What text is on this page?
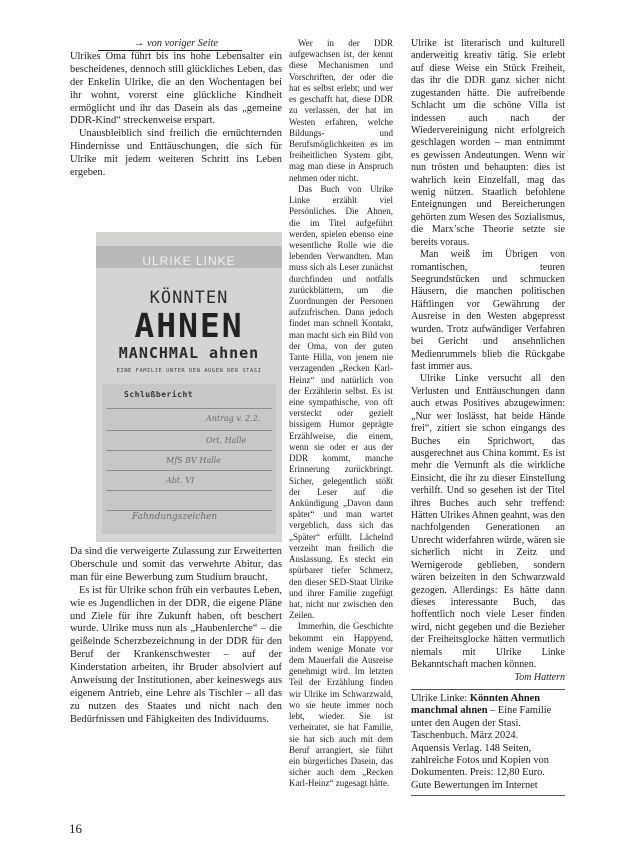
→ von voriger Seite

Ulrikes Oma führt bis ins hohe Lebensalter ein bescheidenes, dennoch still glückliches Leben, das der Enkelin Ulrike, die an den Wochentagen bei ihr wohnt, vorerst eine glückliche Kindheit ermöglicht und ihr das Dasein als das „gemeine DDR-Kind“ streckenweise erspart.

Unausbleiblich sind freilich die ernüchternden Hindernisse und Enttäuschungen, die sich für Ulrike mit jedem weiteren Schritt ins Leben ergeben.

ULRIKE LINKE
KÖNNTEN
AHNEN
MANCHMAL ahnen
EINE FAMILIE UNTER DEN AUGEN DER STASI
Schlußbericht
Antrag v. 2.2.
Ort, Halle
MfS BV Halle
Abt. VI
Fahndungszeichen

Da sind die verweigerte Zulassung zur Erweiterten Oberschule und somit das verwehrte Abitur, das man für eine Bewerbung zum Studium braucht.

Es ist für Ulrike schon früh ein verbautes Leben, wie es Jugendlichen in der DDR, die eigene Pläne und Ziele für ihre Zukunft haben, oft beschert wurde. Ulrike muss nun als „Haubenlerche“ – die geißelnde Scherzbezeichnung in der DDR für den Beruf der Krankenschwester – auf der Kinderstation arbeiten, ihr Bruder absolviert auf Anweisung der Institutionen, aber keineswegs aus eigenem Antrieb, eine Lehre als Tischler – all das zu nutzen des Staates und nicht nach den Bedürfnissen und Fähigkeiten des Individuums.

Wer in der DDR aufgewachsen ist, der kennt diese Mechanismen und Vorschriften, der oder die hat es selbst erlebt; und wer es geschafft hat, diese DDR zu verlassen, der hat im Westen erfahren, welche Bildungs- und Berufsmöglichkeiten es im freiheitlichen System gibt, mag man diese in Anspruch nehmen oder nicht.

Das Buch von Ulrike Linke erzählt viel Persönliches. Die Ahnen, die im Titel aufgeführt werden, spielen ebenso eine wesentliche Rolle wie die lebenden Verwandten. Man muss sich als Leser zunächst durchfinden und notfalls zurückblättern, um die Zuordnungen der Personen aufzufrischen. Dann jedoch findet man schnell Kontakt, man macht sich ein Bild von der Oma, von der guten Tante Hilla, von jenem nie verzagenden „Recken Karl-Heinz“ und natürlich von der Erzählerin selbst. Es ist eine sympathische, von oft versteckt oder gezielt bissigem Humor geprägte Erzählweise, die einem, wenn sie oder er aus der DDR kommt, manche Erinnerung zurückbringt. Sicher, gelegentlich stößt der Leser auf die Ankündigung „Davon dann später“ und man wartet vergeblich, dass sich das „Später“ erfüllt. Lächelnd verzeiht man freilich die Auslassung. Es steckt ein spürbarer tiefer Schmerz, den dieser SED-Staat Ulrike und ihrer Familie zugefügt hat, nicht nur zwischen den Zeilen.

Immerhin, die Geschichte bekommt ein Happyend, indem wenige Monate vor dem Mauerfall die Ausreise genehmigt wird. Im letzten Teil der Erzählung finden wir Ulrike im Schwarzwald, wo sie heute immer noch lebt, wieder. Sie ist verheiratet, sie hat Familie, sie hat sich auch mit dem Beruf arrangiert, sie führt ein bürgerliches Dasein, das sicher auch dem „Recken Karl-Heinz“ zugesagt hätte.

Ulrike ist literarisch und kulturell anderweitig kreativ tätig. Sie erlebt auf diese Weise ein Stück Freiheit, das ihr die DDR ganz sicher nicht zugestanden hätte. Die aufreibende Schlacht um die schöne Villa ist indessen auch nach der Wiedervereinigung nicht erfolgreich geschlagen worden – man entnimmt es gewissen Andeutungen. Wenn wir nun trösten und behaupten: dies ist wahrlich kein Einzelfall, mag das wenig nützen. Staatlich befohlene Enteignungen und Bereicherungen gehörten zum Wesen des Sozialismus, die Marx’sche Theorie setzte sie bereits voraus.

Man weiß im Übrigen von romantischen, teuren Seegrundstücken und schmucken Häusern, die manchen politischen Häftlingen vor Gewährung der Ausreise in den Westen abgepresst wurden. Trotz aufwändiger Verfahren bei Gericht und ansehnlichen Medienrummels blieb die Rückgabe fast immer aus.

Ulrike Linke versucht all den Verlusten und Enttäuschungen dann auch etwas Positives abzugewinnen: „Nur wer loslässt, hat beide Hände frei“, zitiert sie schon eingangs des Buches ein Sprichwort, das ausgerechnet aus China kommt. Es ist mehr die Vernunft als die wirkliche Einsicht, die ihr zu dieser Einstellung verhilft. Und so gesehen ist der Titel ihres Buches auch sehr treffend: Hätten Ulrikes Ahnen geahnt, was den nachfolgenden Generationen an Unrecht widerfahren würde, wären sie sicherlich nicht in Zeitz und Wernigerode geblieben, sondern wären beizeiten in den Schwarzwald gezogen. Allerdings: Es hätte dann dieses interessante Buch, das hoffentlich noch viele Leser finden wird, nicht gegeben und die Bezieher der Freiheitsglocke hätten vermutlich niemals mit Ulrike Linke Bekanntschaft machen können.

Tom Hattern

Ulrike Linke: Könnten Ahnen manchmal ahnen – Eine Familie unter den Augen der Stasi. Taschenbuch. März 2024.
Aquensis Verlag. 148 Seiten, zahlreiche Fotos und Kopien von Dokumenten. Preis: 12,80 Euro.
Gute Bewertungen im Internet
16
